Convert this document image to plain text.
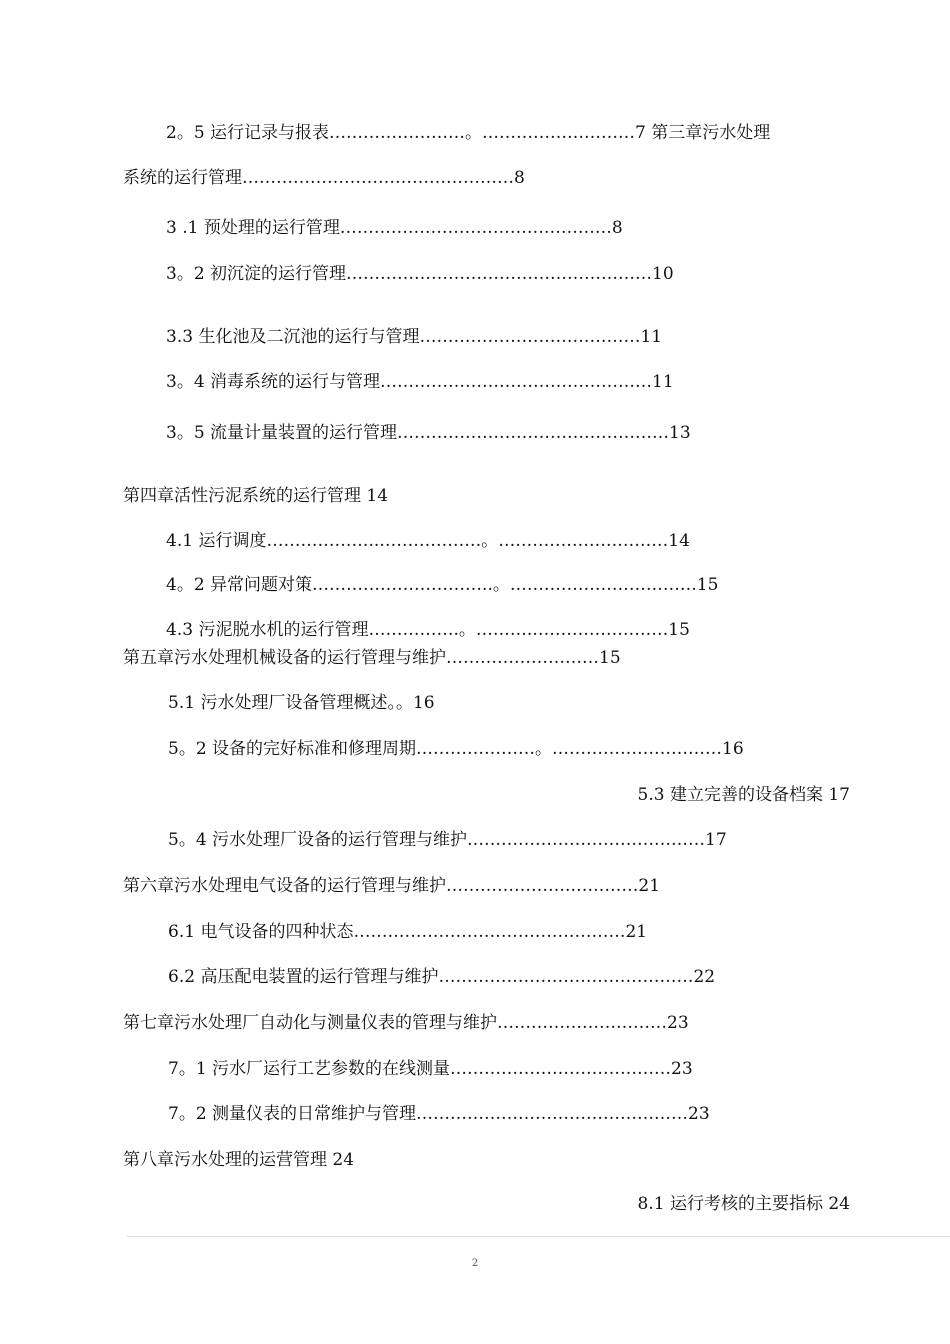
2。5 运行记录与报表……………………。………………………7 第三章污水处理
系统的运行管理…………………………………………8
3 .1 预处理的运行管理…………………………………………8
3。2 初沉淀的运行管理………………………………………………10
3.3 生化池及二沉池的运行与管理…………………………………11
3。4 消毒系统的运行与管理…………………………………………11
3。5 流量计量装置的运行管理…………………………………………13
第四章活性污泥系统的运行管理 14
4.1 运行调度………………..………………。…………………………14
4。2 异常问题对策…………………………..。……………………………15
4.3 污泥脱水机的运行管理…………….。……….……………………15
第五章污水处理机械设备的运行管理与维护………………………15
5.1 污水处理厂设备管理概述。。16
5。2 设备的完好标准和修理周期…………………。…………………………16
5.3 建立完善的设备档案 17
5。4 污水处理厂设备的运行管理与维护……………………………………17
第六章污水处理电气设备的运行管理与维护………………….…………21
6.1 电气设备的四种状态…………………………………………21
6.2 高压配电装置的运行管理与维护………………………………………22
第七章污水处理厂自动化与测量仪表的管理与维护…………………………23
7。1 污水厂运行工艺参数的在线测量…………………………………23
7。2 测量仪表的日常维护与管理…………………………………………23
第八章污水处理的运营管理 24
8.1 运行考核的主要指标 24
2
